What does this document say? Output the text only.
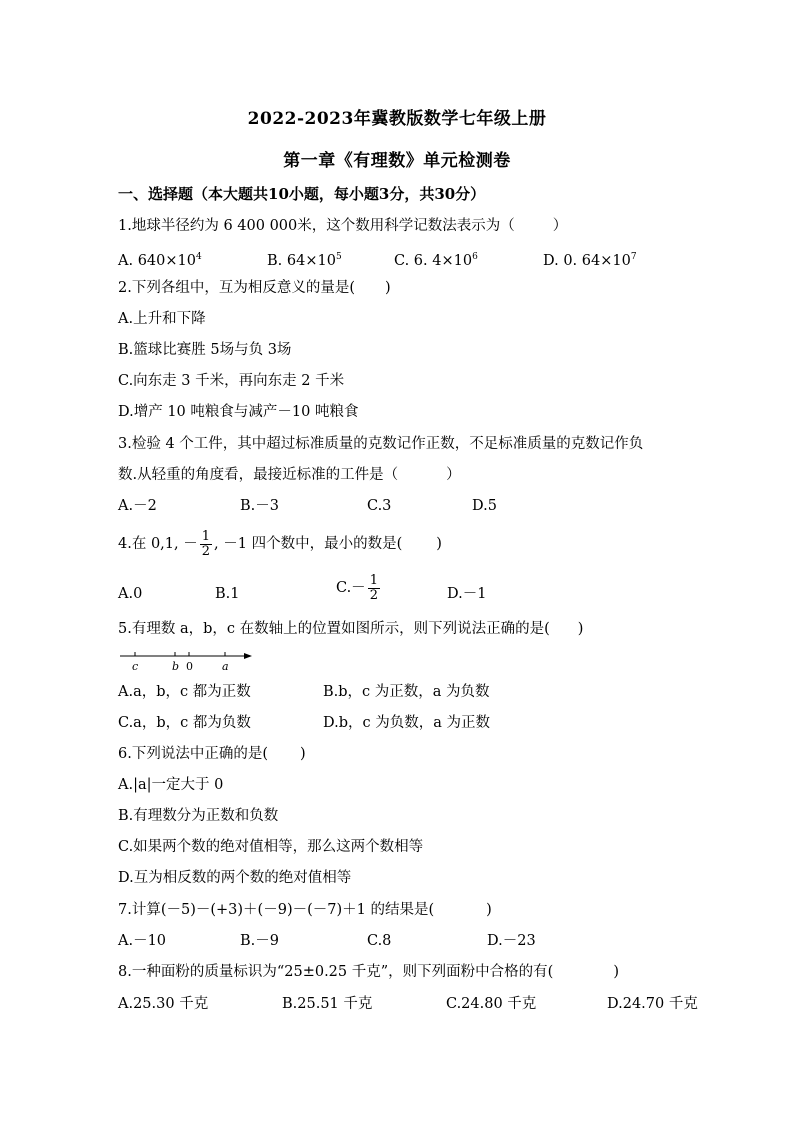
2022-2023年冀教版数学七年级上册
第一章《有理数》单元检测卷
一、选择题（本大题共10小题，每小题3分，共30分）
1.地球半径约为 6 400 000米，这个数用科学记数法表示为（	）
A. $640\times 10^4$	B. $64\times 10^5$	C. 6. $4\times 10^6$	D. 0. $64\times 10^7$
2.下列各组中，互为相反意义的量是( )
A.上升和下降
B.篮球比赛胜 5场与负 3场
C.向东走 3 千米，再向东走 2 千米
D.增产 10 吨粮食与减产－10 吨粮食
3.检验 4 个工件，其中超过标准质量的克数记作正数，不足标准质量的克数记作负
数.从轻重的角度看，最接近标准的工件是（	）
A.－2	B.－3	C.3	D.5
4.在 0,1, － $\frac{1}{2}$ , －1 四个数中，最小的数是( )
A.0	B.1	$C.- \frac{1}{2}$	D.－1
5.有理数 a，b，c 在数轴上的位置如图所示，则下列说法正确的是( )
c	b 0	a
A.a，b，c 都为正数	B.b，c 为正数，a 为负数
C.a，b，c 都为负数	D.b，c 为负数，a 为正数
6.下列说法中正确的是( )
A.|a|一定大于 0
B.有理数分为正数和负数
C.如果两个数的绝对值相等，那么这两个数相等
D.互为相反数的两个数的绝对值相等
7.计算(－5)－(+3)＋(－9)－(－7)＋1 的结果是(	)
A.－10	B.－9	C.8	D.－23
8.一种面粉的质量标识为“25±0.25 千克”，则下列面粉中合格的有(	)
A.25.30 千克	B.25.51 千克	C.24.80 千克	D.24.70 千克
